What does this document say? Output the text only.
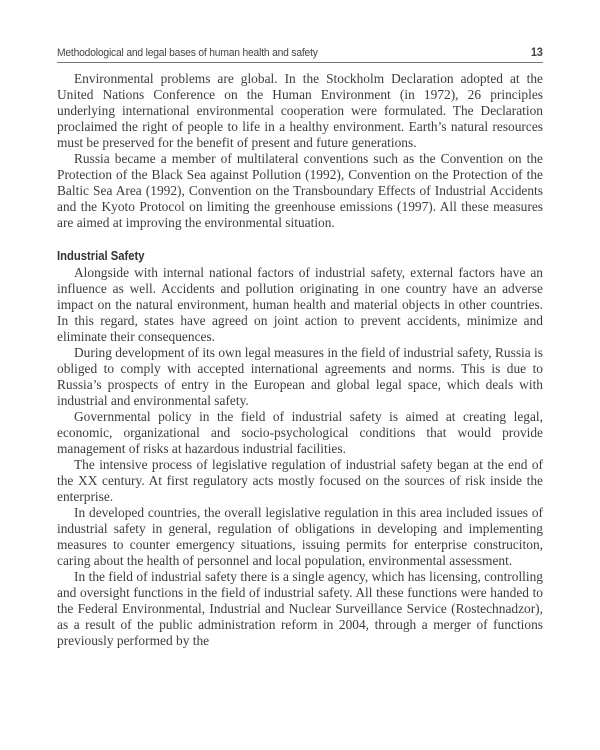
Methodological and legal bases of human health and safety	13

Environmental problems are global. In the Stockholm Declaration adopted at the United Nations Conference on the Human Environment (in 1972), 26 principles underlying international environmental cooperation were formulated. The Declaration proclaimed the right of people to life in a healthy environment. Earth’s natural resources must be preserved for the benefit of present and future generations.

Russia became a member of multilateral conventions such as the Convention on the Protection of the Black Sea against Pollution (1992), Convention on the Protection of the Baltic Sea Area (1992), Convention on the Transboundary Effects of Industrial Accidents and the Kyoto Protocol on limiting the greenhouse emissions (1997). All these measures are aimed at improving the environmental situation.

Industrial Safety

Alongside with internal national factors of industrial safety, external factors have an influence as well. Accidents and pollution originating in one country have an adverse impact on the natural environment, human health and material objects in other countries. In this regard, states have agreed on joint action to prevent accidents, minimize and eliminate their consequences.

During development of its own legal measures in the field of industrial safety, Russia is obliged to comply with accepted international agreements and norms. This is due to Russia’s prospects of entry in the European and global legal space, which deals with industrial and environmental safety.

Governmental policy in the field of industrial safety is aimed at creating legal, economic, organizational and socio-psychological conditions that would provide management of risks at hazardous industrial facilities.

The intensive process of legislative regulation of industrial safety began at the end of the XX century. At first regulatory acts mostly focused on the sources of risk inside the enterprise.

In developed countries, the overall legislative regulation in this area included issues of industrial safety in general, regulation of obligations in developing and implementing measures to counter emergency situations, issuing permits for enterprise construciton, caring about the health of personnel and local population, environmental assessment.

In the field of industrial safety there is a single agency, which has licensing, controlling and oversight functions in the field of industrial safety. All these functions were handed to the Federal Environmental, Industrial and Nuclear Surveillance Service (Rostechnadzor), as a result of the public administration reform in 2004, through a merger of functions previously performed by the
